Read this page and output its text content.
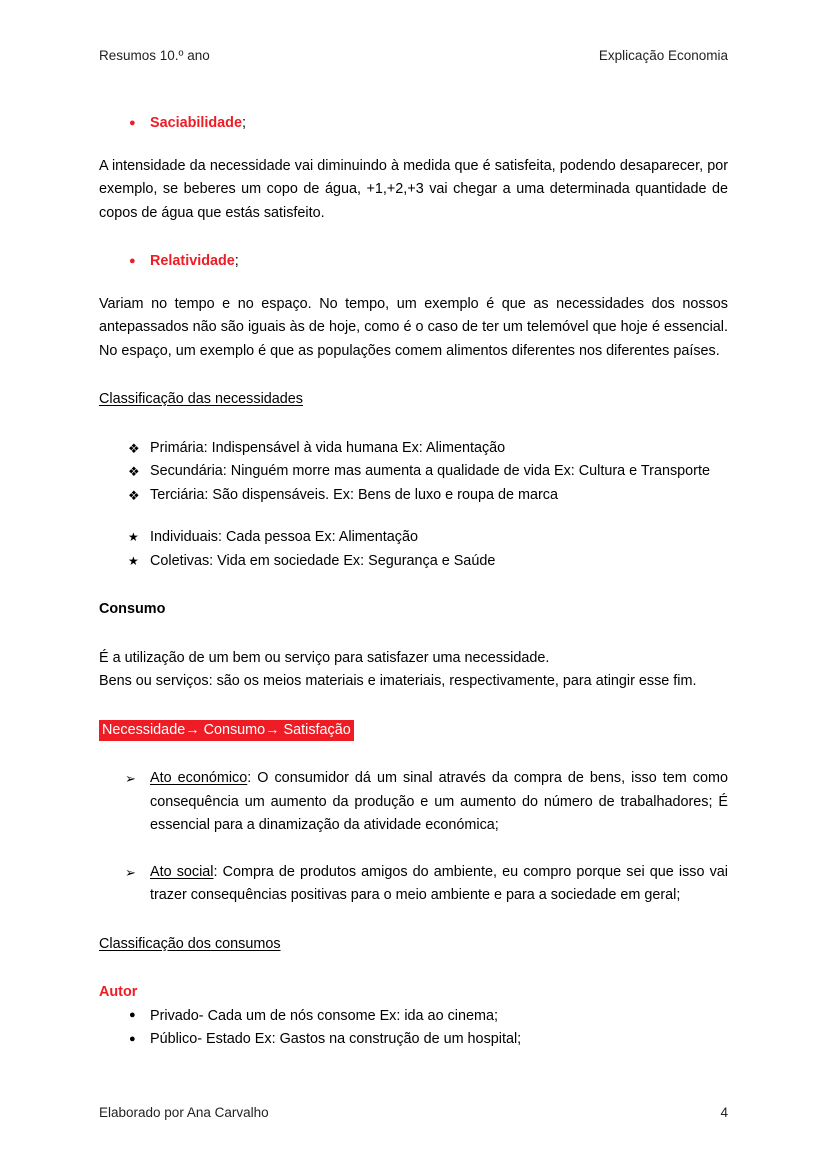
Resumos 10.º ano	Explicação Economia
● Saciabilidade;

A intensidade da necessidade vai diminuindo à medida que é satisfeita, podendo desaparecer, por exemplo, se beberes um copo de água, +1,+2,+3 vai chegar a uma determinada quantidade de copos de água que estás satisfeito.

● Relatividade;

Variam no tempo e no espaço. No tempo, um exemplo é que as necessidades dos nossos antepassados não são iguais às de hoje, como é o caso de ter um telemóvel que hoje é essencial. No espaço, um exemplo é que as populações comem alimentos diferentes nos diferentes países.

Classificação das necessidades

❖ Primária: Indispensável à vida humana Ex: Alimentação
❖ Secundária: Ninguém morre mas aumenta a qualidade de vida Ex: Cultura e Transporte
❖ Terciária: São dispensáveis. Ex: Bens de luxo e roupa de marca
★ Individuais: Cada pessoa Ex: Alimentação
★ Coletivas: Vida em sociedade Ex: Segurança e Saúde

Consumo

É a utilização de um bem ou serviço para satisfazer uma necessidade.

Bens ou serviços: são os meios materiais e imateriais, respectivamente, para atingir esse fim.

Necessidade→ Consumo→ Satisfação
➢ Ato económico: O consumidor dá um sinal através da compra de bens, isso tem como consequência um aumento da produção e um aumento do número de trabalhadores; É essencial para a dinamização da atividade económica;
➢ Ato social: Compra de produtos amigos do ambiente, eu compro porque sei que isso vai trazer consequências positivas para o meio ambiente e para a sociedade em geral;

Classificação dos consumos

Autor

● Privado- Cada um de nós consome Ex: ida ao cinema;
● Público- Estado Ex: Gastos na construção de um hospital;
Elaborado por Ana Carvalho	4
